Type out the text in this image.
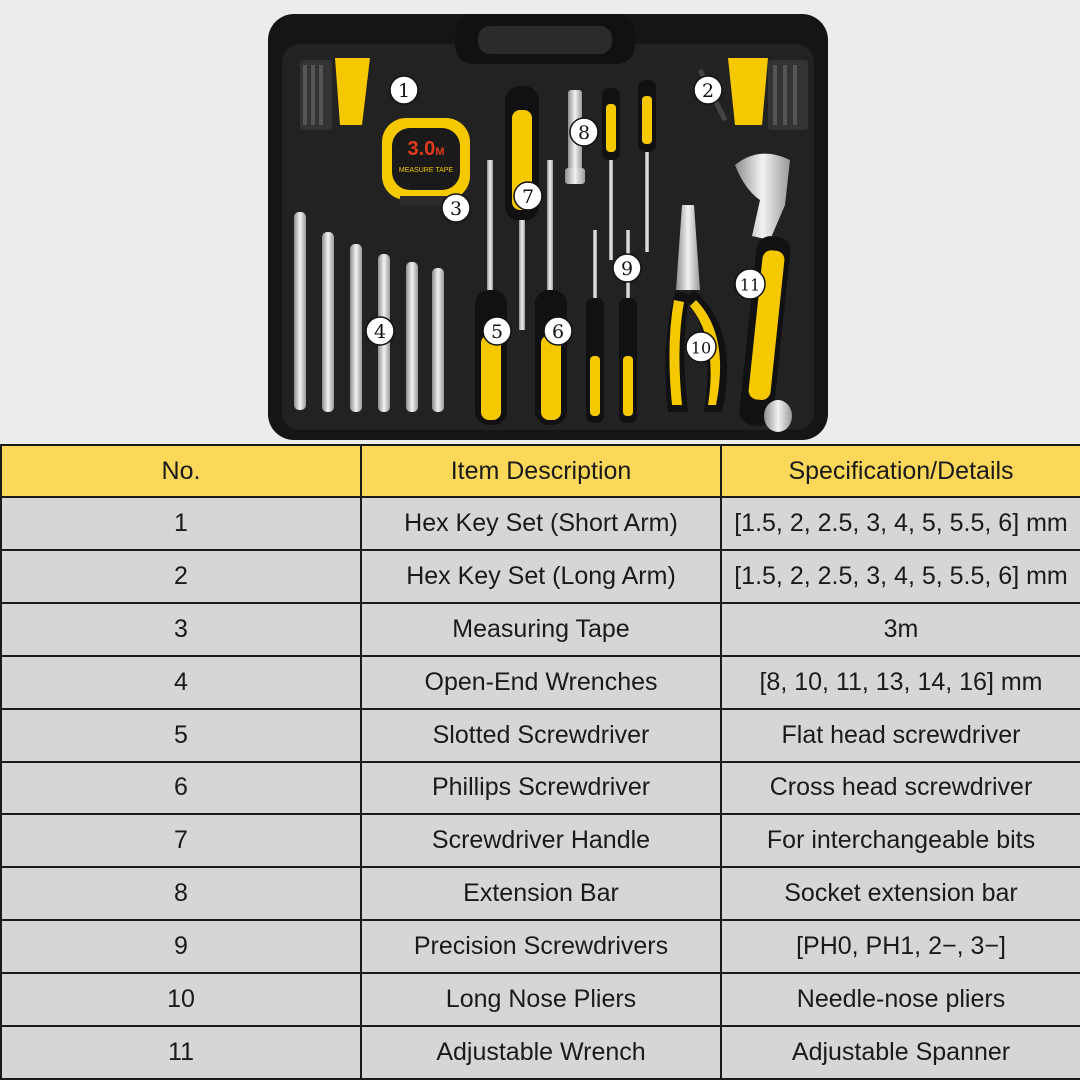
3.0M
MEASURE TAPE
1	2
3
4	5	6
7
8
9
10
11
No.	Item Description	Specification/Details
1	Hex Key Set (Short Arm)	[1.5, 2, 2.5, 3, 4, 5, 5.5, 6] mm
2	Hex Key Set (Long Arm)	[1.5, 2, 2.5, 3, 4, 5, 5.5, 6] mm
3	Measuring Tape	3m
4	Open-End Wrenches	[8, 10, 11, 13, 14, 16] mm
5	Slotted Screwdriver	Flat head screwdriver
6	Phillips Screwdriver	Cross head screwdriver
7	Screwdriver Handle	For interchangeable bits
8	Extension Bar	Socket extension bar
9	Precision Screwdrivers	[PH0, PH1, 2−, 3−]
10	Long Nose Pliers	Needle-nose pliers
11	Adjustable Wrench	Adjustable Spanner
